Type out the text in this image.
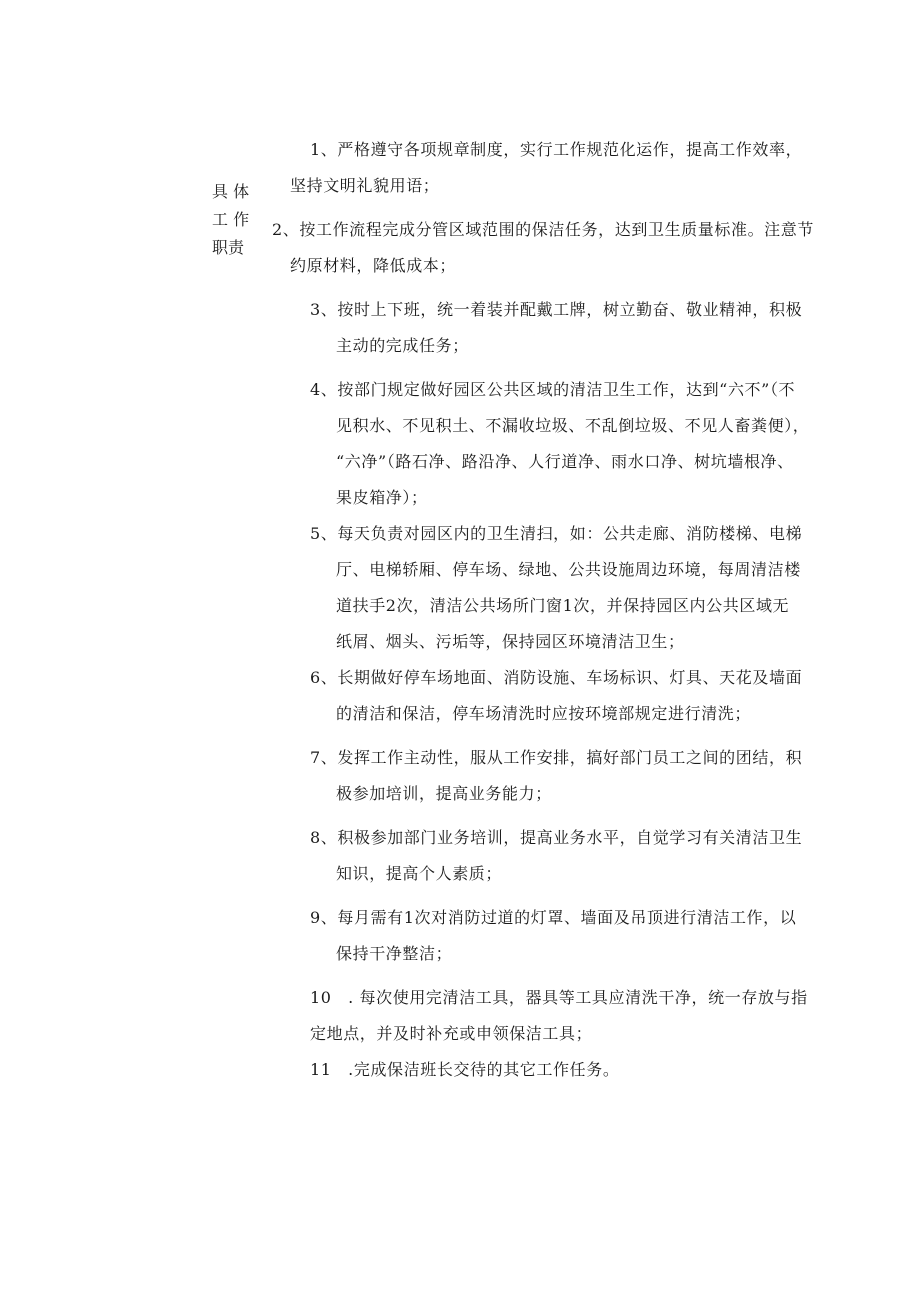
具 体
工 作
职责
1、严格遵守各项规章制度，实行工作规范化运作，提高工作效率，
坚持文明礼貌用语；
2、按工作流程完成分管区域范围的保洁任务，达到卫生质量标准。注意节
约原材料，降低成本；
3、按时上下班，统一着装并配戴工牌，树立勤奋、敬业精神，积极
主动的完成任务；
4、按部门规定做好园区公共区域的清洁卫生工作，达到“六不”（不
见积水、不见积土、不漏收垃圾、不乱倒垃圾、不见人畜粪便），
“六净”（路石净、路沿净、人行道净、雨水口净、树坑墙根净、
果皮箱净）；
5、每天负责对园区内的卫生清扫，如：公共走廊、消防楼梯、电梯
厅、电梯轿厢、停车场、绿地、公共设施周边环境，每周清洁楼
道扶手2次，清洁公共场所门窗1次，并保持园区内公共区域无
纸屑、烟头、污垢等，保持园区环境清洁卫生；
6、长期做好停车场地面、消防设施、车场标识、灯具、天花及墙面
的清洁和保洁，停车场清洗时应按环境部规定进行清洗；
7、发挥工作主动性，服从工作安排，搞好部门员工之间的团结，积
极参加培训，提高业务能力；
8、积极参加部门业务培训，提高业务水平，自觉学习有关清洁卫生
知识，提高个人素质；
9、每月需有1次对消防过道的灯罩、墙面及吊顶进行清洁工作，以
保持干净整洁；
10　. 每次使用完清洁工具，器具等工具应清洗干净，统一存放与指
定地点，并及时补充或申领保洁工具；
11　.完成保洁班长交待的其它工作任务。
